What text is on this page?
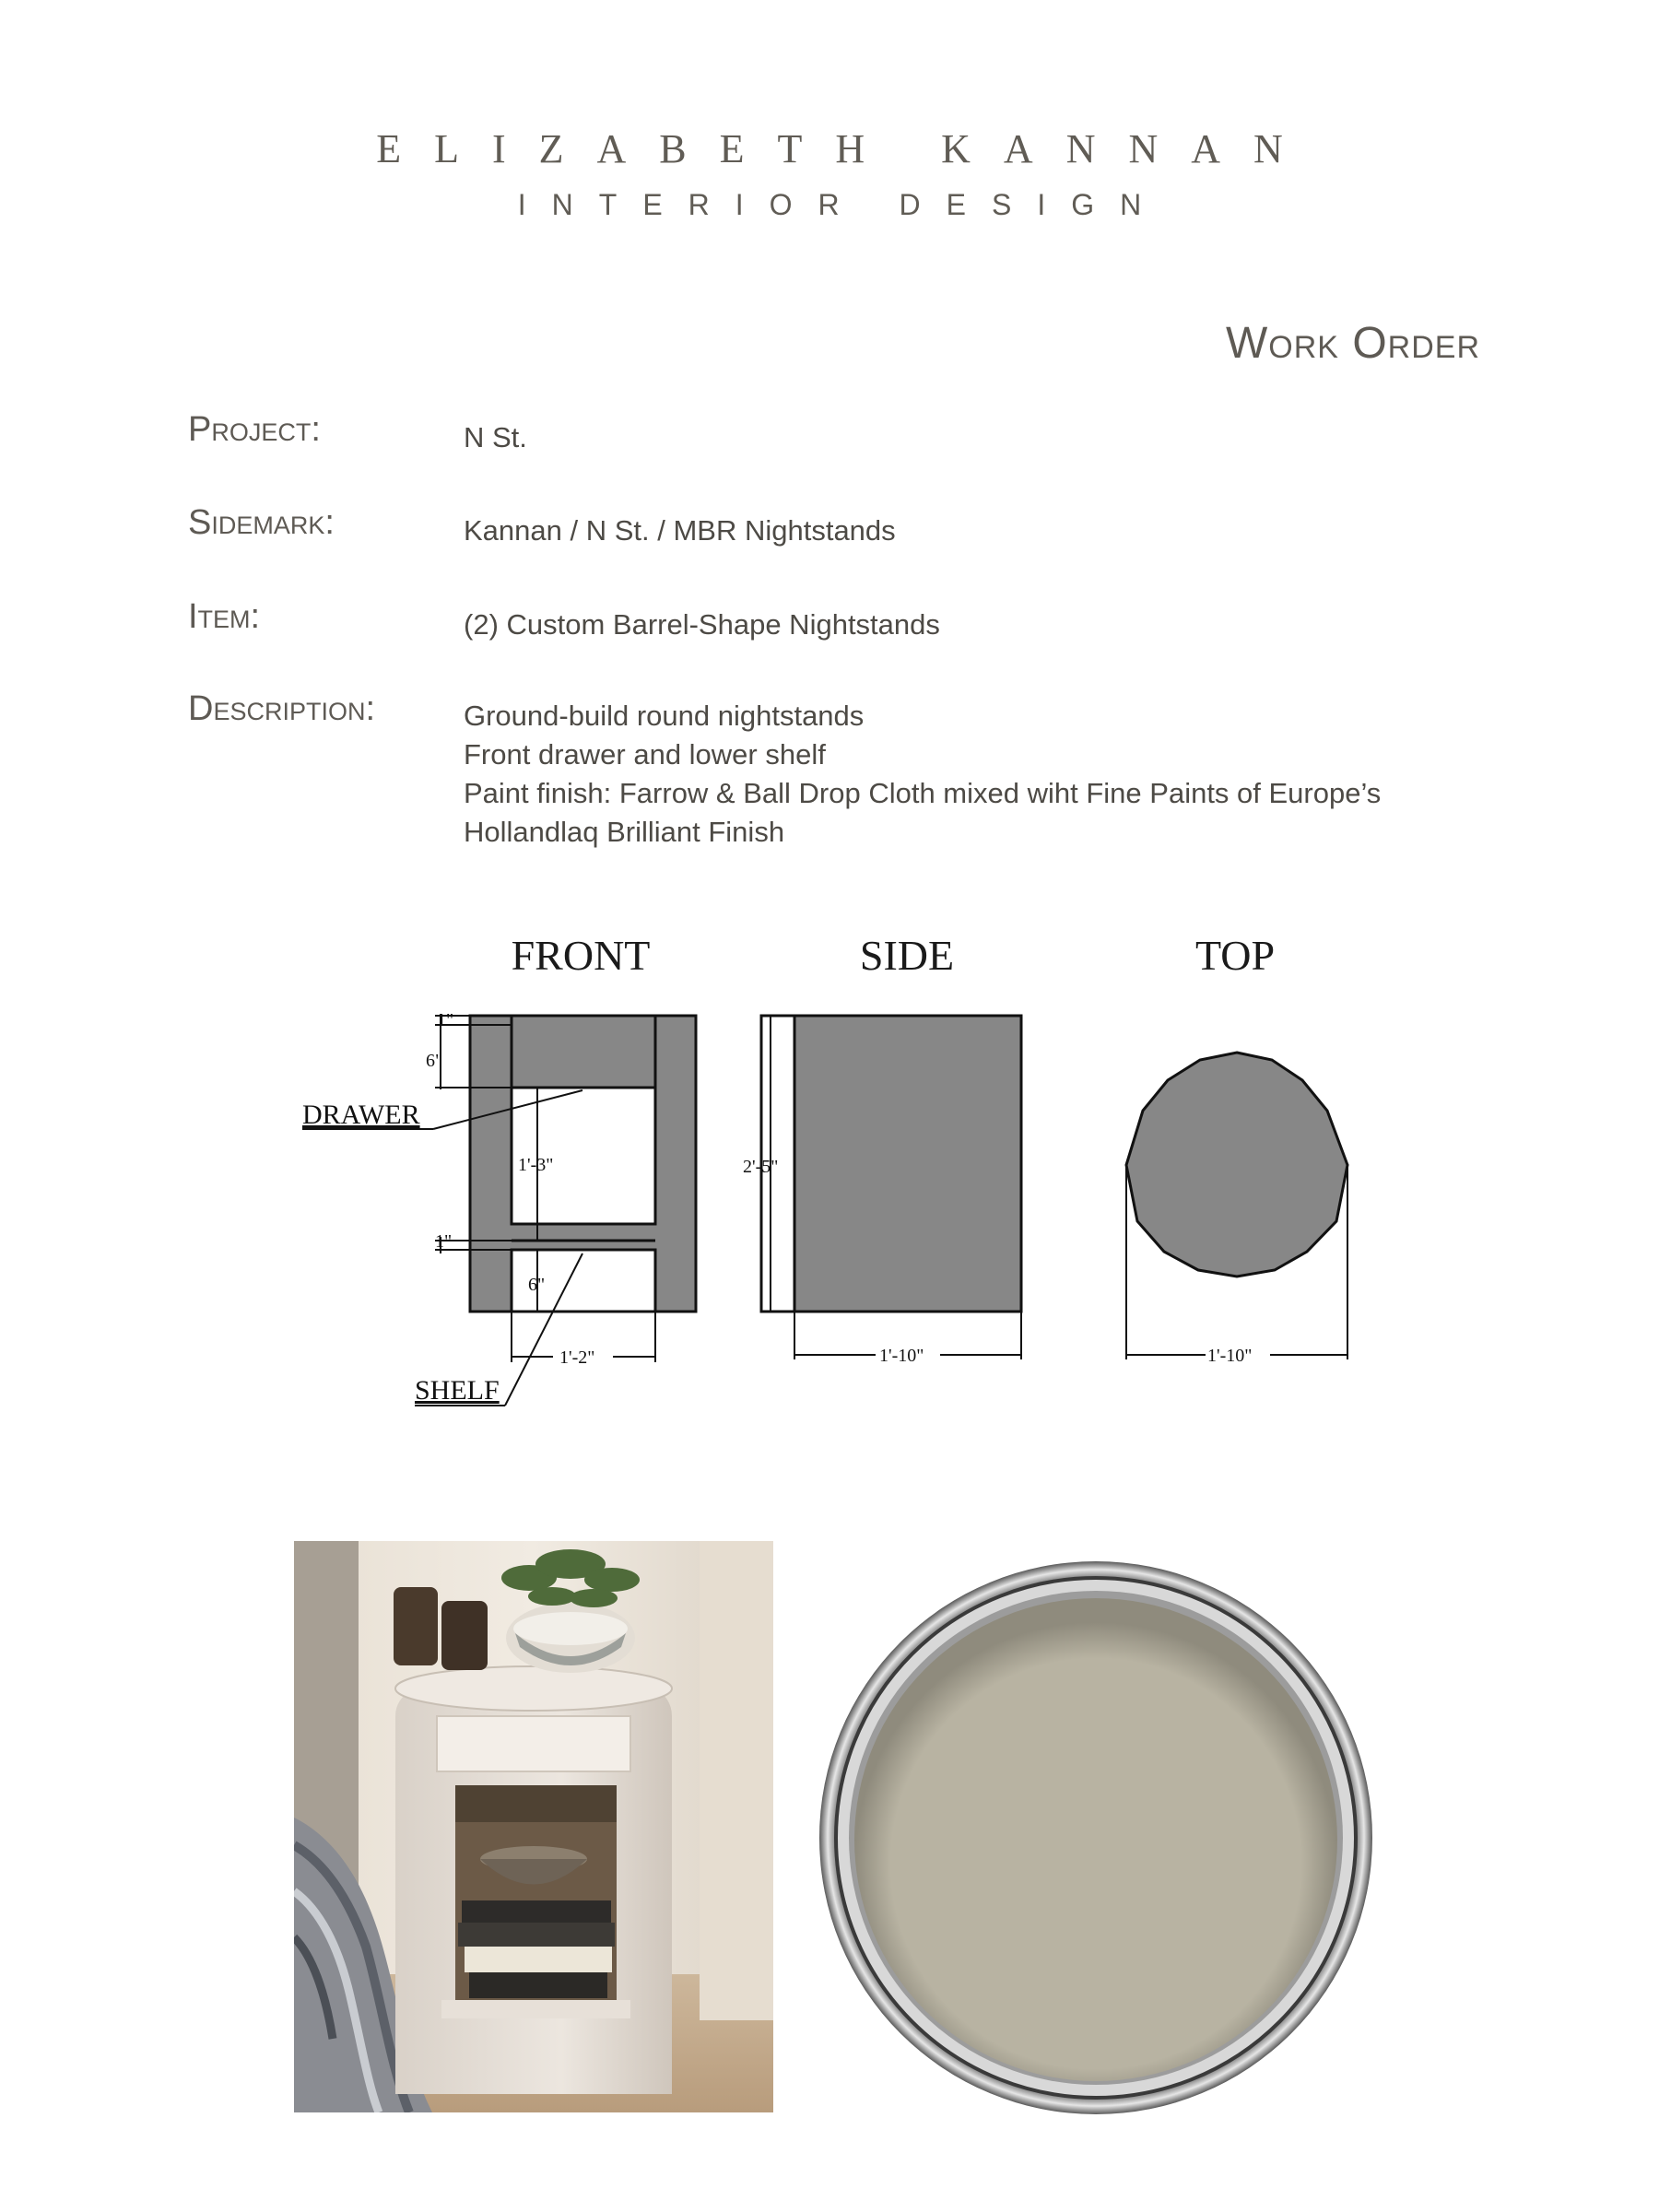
ELIZABETH KANNAN
INTERIOR DESIGN
Work Order
Project:	N St.
Sidemark:	Kannan / N St. / MBR Nightstands
Item:	(2) Custom Barrel-Shape Nightstands
Description:	Ground-build round nightstands
Front drawer and lower shelf
Paint finish: Farrow & Ball Drop Cloth mixed wiht Fine Paints of Europe’s
Hollandlaq Brilliant Finish
FRONT	SIDE	TOP
1"
6"
DRAWER
1'-3"
1"
6"
1'-2"
SHELF
2'-5"
1'-10"	1'-10"
